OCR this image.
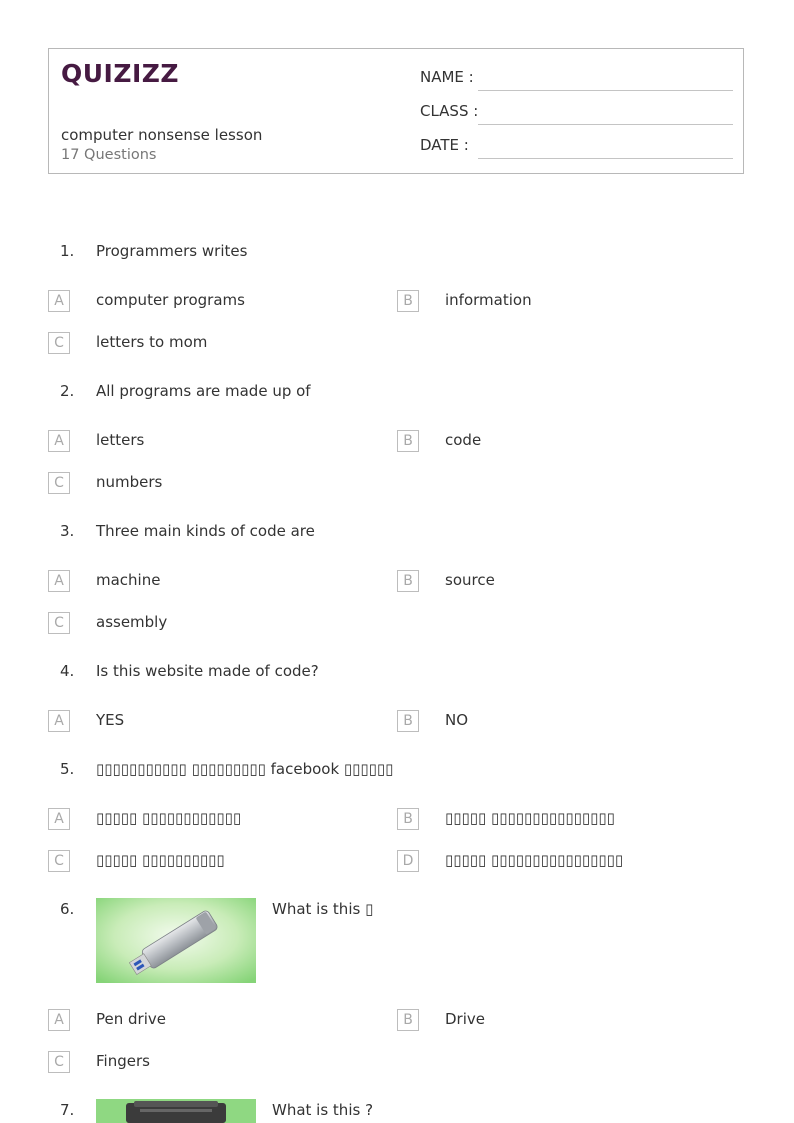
QUIZIZZ
computer nonsense lesson
17 Questions
NAME :
CLASS :
DATE :
1. Programmers writes
A	computer programs	B	information
C	letters to mom
2. All programs are made up of
A	letters	B	code
C	numbers
3. Three main kinds of code are
A	machine	B	source
C	assembly
4. Is this website made of code?
A	YES	B	NO
5. ▯▯▯▯▯▯▯▯▯▯▯ ▯▯▯▯▯▯▯▯▯ facebook ▯▯▯▯▯▯
A	▯▯▯▯▯ ▯▯▯▯▯▯▯▯▯▯▯▯	B	▯▯▯▯▯ ▯▯▯▯▯▯▯▯▯▯▯▯▯▯▯
C	▯▯▯▯▯ ▯▯▯▯▯▯▯▯▯▯	D	▯▯▯▯▯ ▯▯▯▯▯▯▯▯▯▯▯▯▯▯▯▯
6.	What is this ▯
A	Pen drive	B	Drive
C	Fingers
7.	What is this ?
